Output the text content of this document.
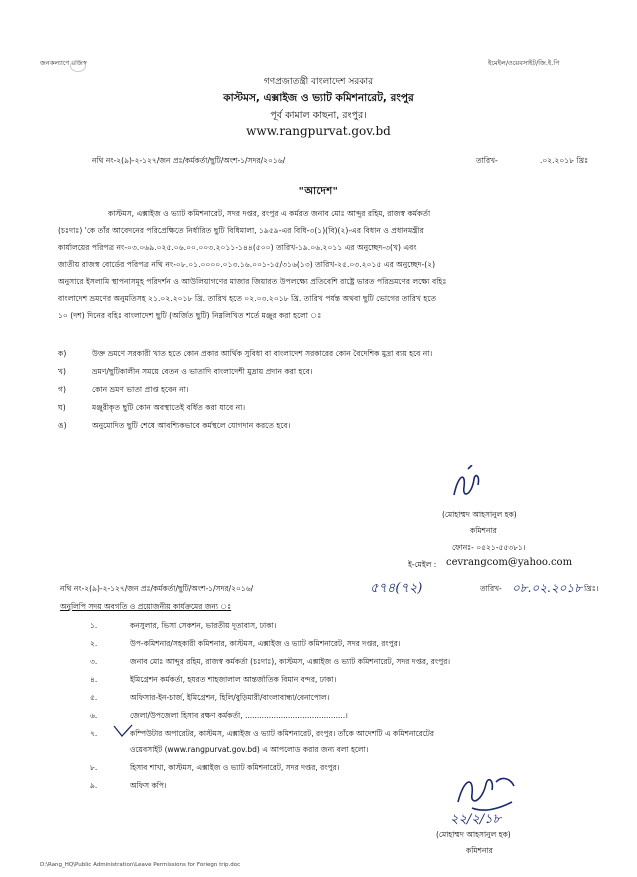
জনকল্যাণে রাজস্ব	ইমেইল/ওয়েবসাইট/জি.ই.পি
গণপ্রজাতন্ত্রী বাংলাদেশ সরকার
কাস্টমস, এক্সাইজ ও ভ্যাট কমিশনারেট, রংপুর
পূর্ব কামাল কাছনা, রংপুর।
www.rangpurvat.gov.bd
নথি নং-২(৯)-২-১২৭/জন প্রঃ/কর্মকর্তা/ছুটি/অংশ-১/সদর/২০১৬/	তারিখ-	.০২.২০১৮ খ্রিঃ
"আদেশ"
কাস্টমস, এক্সাইজ ও ভ্যাট কমিশনারেট, সদর দপ্তর, রংপুর এ কর্মরত জনাব মোঃ আব্দুর রহিম, রাজস্ব কর্মকর্তা
(চঃদাঃ) 'কে তাঁর আবেদনের পরিপ্রেক্ষিতে নির্ধারিত ছুটি বিধিমালা, ১৯৫৯-এর বিধি-৩(১)(বি)(২)-এর বিধান ও প্রধানমন্ত্রীর
কার্যালয়ের পরিপত্র নং-০৩.০৬৯.০২৫.০৬.০০.০০৩.২০১১-১৪৪(৫০০) তারিখ-১৯.০৬.২০১১ এর অনুচ্ছেদ-৩(খ) এবং
জাতীয় রাজস্ব বোর্ডের পরিপত্র নথি নং-০৮.০১.০০০০.০১৩.১৬.০০১-১৫/৩১৬(১৩) তারিখ-২৫.০৩.২০১৫ এর অনুচ্ছেদ-(২)
অনুসারে ইসলামি স্থাপনাসমূহ পরিদর্শন ও আউলিয়াগণের মাজার জিয়ারত উপলক্ষ্যে প্রতিবেশি রাষ্ট্রে ভারত পরিভ্রমণের লক্ষ্যে বহিঃ
বাংলাদেশ ভ্রমণের অনুমতিসহ ২১.০২.২০১৮ খ্রি. তারিখ হতে ০২.০৩.২০১৮ খ্রি. তারিখ পর্যন্ত অথবা ছুটি ভোগের তারিখ হতে
১০ (দশ) দিনের বহিঃ বাংলাদেশ ছুটি (অর্জিত ছুটি) নিম্নলিখিত শর্তে মঞ্জুর করা হলো ঃ
ক)	উক্ত ভ্রমণে সরকারী খাত হতে কোন প্রকার আর্থিক সুবিধা বা বাংলাদেশ সরকারের কোন বৈদেশিক মুদ্রা ব্যয় হবে না।
খ)	ভ্রমণ/ছুটিকালীন সময়ে বেতন ও ভাতাদি বাংলাদেশী মুদ্রায় প্রদান করা হবে।
গ)	কোন ভ্রমণ ভাতা প্রাপ্ত হবেন না।
ঘ)	মঞ্জুরীকৃত ছুটি কোন অবস্থাতেই বর্ধিত করা যাবে না।
ঙ)	অনুমোদিত ছুটি শেষে আবশ্যিকভাবে কর্মস্থলে যোগদান করতে হবে।
(মোহাম্মদ আহসানুল হক)
কমিশনার
ফোনঃ- ০৫২১-৫৫৩৮১।
ই-মেইল : cevrangcom@yahoo.com
নথি নং-২(৯)-২-১২৭/জন প্রঃ/কর্মকর্তা/ছুটি/অংশ-১/সদর/২০১৬/	৫৭৪(৭২)	তারিখ- ০৮.০২.২০১৮ খ্রিঃ।
অনুলিপি সদয় অবগতি ও প্রয়োজনীয় কার্যক্রমের জন্য ঃ
১.	কনসুলার, ভিসা সেকশন, ভারতীয় দূতাবাস, ঢাকা।
২.	উপ-কমিশনার/সহকারী কমিশনার, কাস্টমস, এক্সাইজ ও ভ্যাট কমিশনারেট, সদর দপ্তর, রংপুর।
৩.	জনাব মোঃ আব্দুর রহিম, রাজস্ব কর্মকর্তা (চঃদাঃ), কাস্টমস, এক্সাইজ ও ভ্যাট কমিশনারেট, সদর দপ্তর, রংপুর।
৪.	ইমিগ্রেশন কর্মকর্তা, হযরত শাহজালাল আন্তর্জাতিক বিমান বন্দর, ঢাকা।
৫.	অফিসার-ইন-চার্জ, ইমিগ্রেশন, হিলি/বুড়িমারী/বাংলাবান্ধা/বেনাপোল।
৬.	জেলা/উপজেলা হিসাব রক্ষণ কর্মকর্তা, ..........................................।
৭.	কম্পিউটার অপারেটর, কাস্টমস, এক্সাইজ ও ভ্যাট কমিশনারেট, রংপুর। তাঁকে আদেশটি এ কমিশনারেটের
ওয়েবসাইট (www.rangpurvat.gov.bd) এ আপলোড করার জন্য বলা হলো।
৮.	হিসাব শাখা, কাস্টমস, এক্সাইজ ও ভ্যাট কমিশনারেট, সদর দপ্তর, রংপুর।
৯.	অফিস কপি।
২২/২/১৮
(মোহাম্মদ আহসানুল হক)
কমিশনার
D:\Rang_HQ\Public Administration\Leave Permissions for Foriegn trip.doc
